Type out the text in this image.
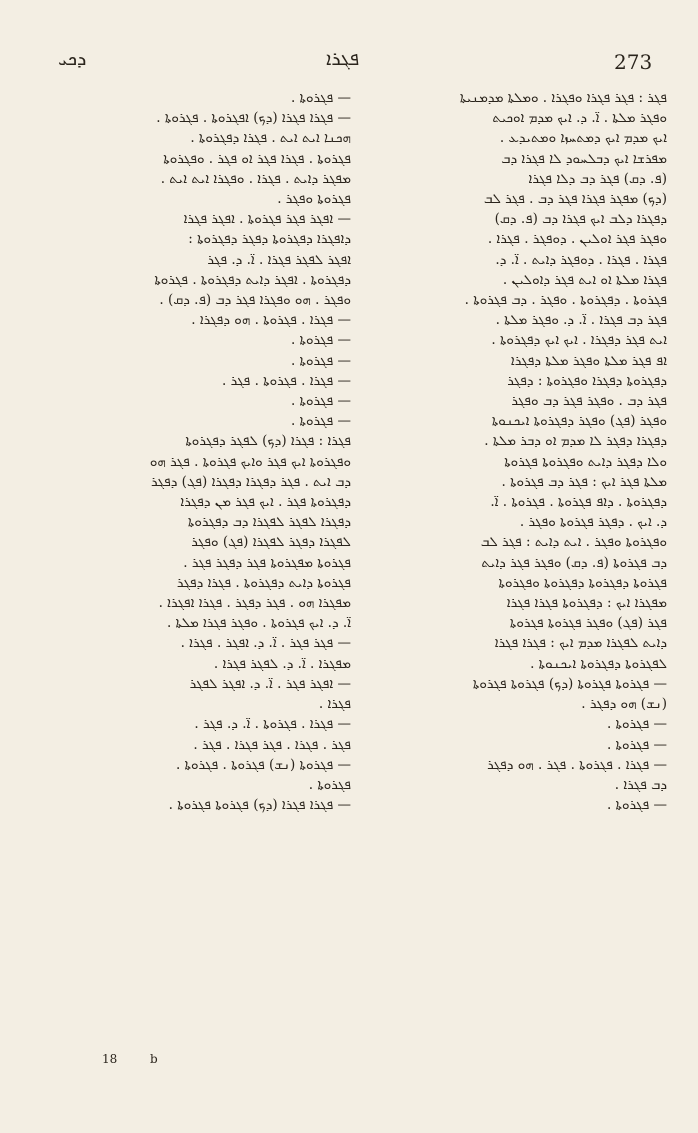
ܕܟܝ	ܦܓܪܐ	273
ܦܓܪ : ܦܓܪ ܦܓܪܐ ܘܦܓܪܐ . ܘܡܠܬܐ ܡܕܡܢܝܬܐ
ܘܦܓܪ ܡܠܬܐ . ܐ̈. ܕ. ܐܝܟ ܡܕܡ ܐܘܟܝܬ
ܐܝܟ ܡܕܡ ܐܝܟ ܕܡܬܚܙܐ ܘܡܬܝܕܥ .
ܡܦܪܫܐ ܐܝܟ ܕܒܠܚܘܕ ܠܐ ܦܓܪܐ ܕܒ
(ܦ. ܕܩ) ܦܓܪ ܕܒ ܕܠܐ ܦܓܪܐ
(ܕܟ) ܡܦܓܪ ܦܓܪܐ ܦܓܪ ܕܒ . ܦܓܪ ܠܒ
ܕܦܓܪܐ ܕܠܒ ܐܝܟ ܦܓܪܐ ܕܒ (ܦ. ܕܩ)
ܘܦܓܪ ܦܓܪ ܐܘܠܝܢ . ܕܘܦܓܪ . ܦܓܪܐ .
ܦܓܪܐ . ܦܓܪܐ . ܕܘܦܓܪ ܕܐܝܬ . ܐ̈. ܕ.
ܦܓܪܐ ܡܠܬܐ ܐܘ ܐܝܬ ܦܓܪ ܕܐܘܠܝܢ .
ܦܓܪܘܬܐ . ܕܦܓܪܘܬܐ . ܘܦܓܪ . ܕܒ ܦܓܪܘܬܐ .
ܦܓܪ ܕܒ ܦܓܪܐ . ܐ̈. ܕ. ܘܦܓܪ ܡܠܬܐ .
ܐܝܬ ܦܓܪ ܕܦܓܪܐ . ܐܝܟ ܐܝܟ ܕܦܓܪܘܬܐ .
ܐܦ ܦܓܪ ܡܠܬܐ ܘܦܓܪ ܡܠܬܐ ܕܦܓܪܐ
ܕܦܓܪܘܬܐ ܕܦܓܪܐ ܘܦܓܪܘܬܐ : ܕܦܓܪ
ܦܓܪ ܕܒ . ܘܦܓܪ ܦܓܪ ܕܒ ܘܦܓܪ
ܘܦܓܪ (ܦܓ) ܘܦܓܪ ܕܦܓܪܘܬܐ ܐܝܟܢܘܬܐ
ܕܦܓܪܐ ܕܦܓܪ ܠܐ ܡܕܡ ܐܘ ܕܒܪ ܡܠܬܐ .
ܘܠܐ ܕܦܓܪ ܕܐܝܬ ܘܦܓܪܘܬܐ ܦܓܪܘܬܐ
ܡܠܬܐ ܦܓܪ ܐܝܟ : ܦܓܪ ܕܒ ܦܓܪܘܬܐ .
ܕܦܓܪܘܬܐ . ܕܐܦ ܦܓܪܘܬܐ . ܦܓܪܘܬܐ . ܐ̈.
ܕ. ܐܝܟ . ܕܦܓܪ ܦܓܪܘܬܐ ܘܦܓܪ .
ܘܦܓܪܘܬܐ ܘܦܓܪ . ܐܝܬ ܕܐܝܬ : ܦܓܪ ܠܒ
ܕܒ ܦܓܪܘܬܐ (ܦ. ܕܩ) ܘܦܓܪ ܦܓܪ ܕܐܝܬ
ܦܓܪܘܬܐ ܕܦܓܪܘܬܐ ܕܦܓܪܘܬܐ ܘܦܓܪܘܬܐ
ܡܦܓܪܐ ܐܝܟ : ܕܦܓܪܘܬܐ ܦܓܪܐ ܦܓܪܐ
ܦܓܪ (ܦܓ) ܘܦܓܪ ܦܓܪܘܬܐ ܦܓܪܘܬܐ
ܕܐܝܬ ܠܦܓܪܐ ܡܕܡ ܐܝܟ : ܦܓܪܐ ܦܓܪܐ
ܠܦܓܪܘܬܐ ܕܦܓܪܘܬܐ ܐܝܟܢܘܬܐ .
— ܦܓܪܘܬܐ ܦܓܪܘܬܐ (ܕܟ) ܦܓܪܘܬܐ ܦܓܪܘܬܐ
(ܢܫ) ܗܘ ܕܦܓܪ .
— ܦܓܪܘܬܐ .
— ܦܓܪܘܬܐ .
— ܦܓܪܐ . ܦܓܪܘܬܐ . ܦܓܪ . ܗܘ ܕܦܓܪ
ܕܒ ܦܓܪܐ .
— ܦܓܪܘܬܐ .
— ܦܓܪܘܬܐ .
— ܦܓܪܐ ܦܓܪܐ (ܕܟ) ܐܦܓܪܘܬܐ . ܦܓܪܘܬܐ .
ܗܟܢܐ ܐܝܬ ܐܝܬ . ܦܓܪܐ ܕܦܓܪܘܬܐ .
ܦܓܪܘܬܐ . ܦܓܪܐ ܦܓܪ ܐܘ ܦܓܪ . ܘܦܓܪܘܬܐ
ܡܦܓܪ ܕܐܝܬ . ܦܓܪܐ . ܘܦܓܪܐ ܐܝܬ ܐܝܬ .
ܦܓܪܘܬܐ ܘܦܓܪ .
— ܐܦܓܪ ܦܓܪ ܦܓܪܘܬܐ . ܐܦܓܪ ܦܓܪܐ
ܕܐܦܓܪܐ ܕܦܓܪܘܬܐ ܕܦܓܪ ܕܦܓܪܘܬܐ :
ܐܦܓܪ ܠܦܓܪ ܦܓܪܐ . ܐ̈. ܕ. ܦܓܪ
ܕܦܓܪܘܬܐ . ܐܦܓܪ ܕܐܝܬ ܕܦܓܪܘܬܐ . ܦܓܪܘܬܐ
ܘܦܓܪ . ܗܘ ܘܦܓܪܐ ܦܓܪ ܕܒ (ܦ. ܕܩ) .
— ܦܓܪܐ . ܦܓܪܘܬܐ . ܗܘ ܕܦܓܪܐ .
— ܦܓܪܘܬܐ .
— ܦܓܪܘܬܐ .
— ܦܓܪܐ . ܦܓܪܘܬܐ . ܦܓܪ .
— ܦܓܪܘܬܐ .
— ܦܓܪܘܬܐ .
ܦܓܪܐ : ܦܓܪܐ (ܕܟ) ܠܦܓܪ ܕܦܓܪܘܬܐ
ܘܦܓܪܘܬܐ ܐܝܟ ܦܓܪ ܘܐܝܟ ܦܓܪܘܬܐ . ܦܓܪ ܗܘ
ܕܒ ܐܝܬ . ܦܓܪ ܕܦܓܪܐ ܕܦܓܪܐ (ܦܓ) ܕܦܓܪ
ܕܦܓܪܘܬܐ ܦܓܪ . ܐܝܟ ܦܓܪ ܡܢ ܕܦܓܪܐ
ܕܦܓܪܐ ܠܦܓܪ ܠܦܓܪܐ ܕܒ ܕܦܓܪܘܬܐ
ܠܦܓܪܐ ܕܦܓܪ ܠܦܓܪܐ (ܦܓ) ܘܦܓܪ
ܦܓܪܘܬܐ ܡܦܓܪܘܬܐ ܦܓܪ ܕܦܓܪ ܦܓܪ .
ܦܓܪܘܬܐ ܕܐܝܬ ܕܦܓܪܘܬܐ . ܦܓܪܐ ܕܦܓܪ
ܡܦܓܪܐ ܗܘ . ܦܓܪ ܕܦܓܪ . ܦܓܪܐ ܐܦܓܪܐ .
ܐ̈. ܕ. ܐܝܟ ܦܓܪܘܬܐ . ܘܦܓܪ ܦܓܪܐ ܡܠܬܐ .
— ܦܓܪ ܦܓܪ . ܐ̈. ܕ. ܐܦܓܪ . ܦܓܪܐ .
ܡܦܓܪܐ . ܐ̈. ܕ. ܠܦܓܪ ܦܓܪܐ .
— ܐܦܓܪ ܦܓܪ . ܐ̈. ܕ. ܐܦܓܪ ܠܦܓܪ
ܦܓܪܐ .
— ܦܓܪܐ . ܦܓܪܘܬܐ . ܐ̈. ܕ. ܦܓܪ .
ܦܓܪ . ܦܓܪܐ . ܦܓܪ ܦܓܪܐ . ܦܓܪ .
— ܦܓܪܘܬܐ (ܢܫ) ܦܓܪܘܬܐ . ܦܓܪܘܬܐ .
ܦܓܪܘܬܐ .
— ܦܓܪܐ ܦܓܪܐ (ܕܟ) ܦܓܪܘܬܐ ܦܓܪܘܬܐ .
18	b
